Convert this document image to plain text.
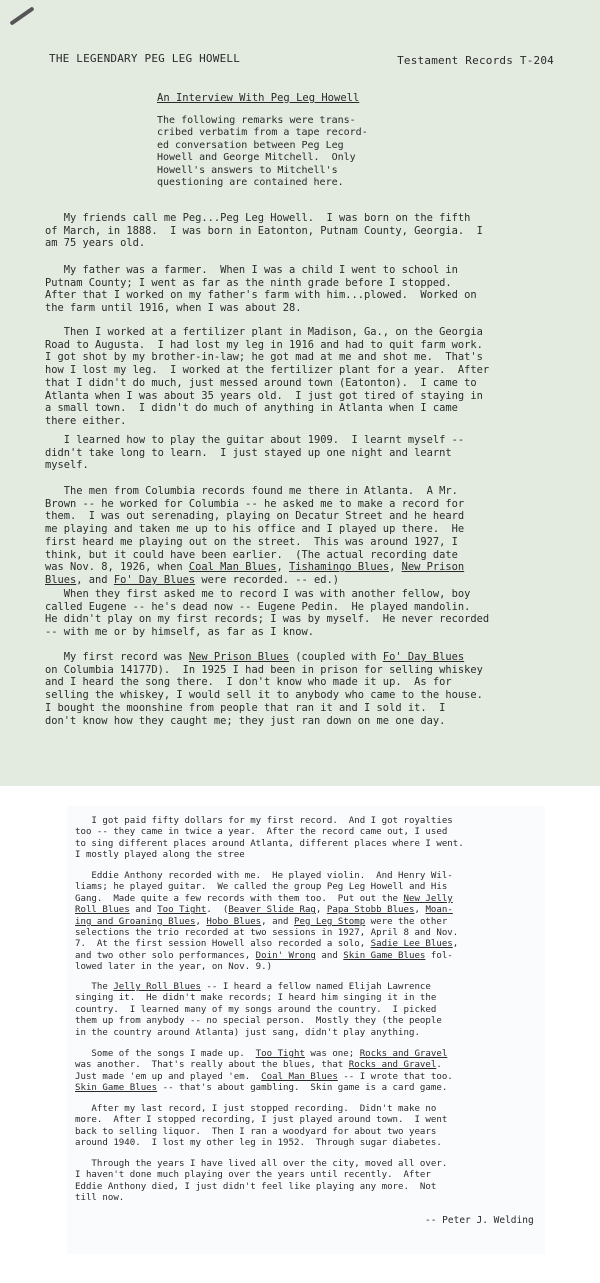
THE LEGENDARY PEG LEG HOWELL	Testament Records T-204
An Interview With Peg Leg Howell
The following remarks were trans-
cribed verbatim from a tape record-
ed conversation between Peg Leg
Howell and George Mitchell.  Only
Howell's answers to Mitchell's
questioning are contained here.

My friends call me Peg...Peg Leg Howell.  I was born on the fifth
of March, in 1888.  I was born in Eatonton, Putnam County, Georgia.  I
am 75 years old.

My father was a farmer.  When I was a child I went to school in
Putnam County; I went as far as the ninth grade before I stopped.
After that I worked on my father's farm with him...plowed.  Worked on
the farm until 1916, when I was about 28.

Then I worked at a fertilizer plant in Madison, Ga., on the Georgia
Road to Augusta.  I had lost my leg in 1916 and had to quit farm work.
I got shot by my brother-in-law; he got mad at me and shot me.  That's
how I lost my leg.  I worked at the fertilizer plant for a year.  After
that I didn't do much, just messed around town (Eatonton).  I came to
Atlanta when I was about 35 years old.  I just got tired of staying in
a small town.  I didn't do much of anything in Atlanta when I came
there either.

I learned how to play the guitar about 1909.  I learnt myself --
didn't take long to learn.  I just stayed up one night and learnt
myself.

The men from Columbia records found me there in Atlanta.  A Mr.
Brown -- he worked for Columbia -- he asked me to make a record for
them.  I was out serenading, playing on Decatur Street and he heard
me playing and taken me up to his office and I played up there.  He
first heard me playing out on the street.  This was around 1927, I
think, but it could have been earlier.  (The actual recording date
was Nov. 8, 1926, when Coal Man Blues, Tishamingo Blues, New Prison
Blues, and Fo' Day Blues were recorded. -- ed.)

When they first asked me to record I was with another fellow, boy
called Eugene -- he's dead now -- Eugene Pedin.  He played mandolin.
He didn't play on my first records; I was by myself.  He never recorded
-- with me or by himself, as far as I know.

My first record was New Prison Blues (coupled with Fo' Day Blues
on Columbia 14177D).  In 1925 I had been in prison for selling whiskey
and I heard the song there.  I don't know who made it up.  As for
selling the whiskey, I would sell it to anybody who came to the house.
I bought the moonshine from people that ran it and I sold it.  I
don't know how they caught me; they just ran down on me one day.

I got paid fifty dollars for my first record.  And I got royalties
too -- they came in twice a year.  After the record came out, I used
to sing different places around Atlanta, different places where I went.
I mostly played along the stree

Eddie Anthony recorded with me.  He played violin.  And Henry Wil-
liams; he played guitar.  We called the group Peg Leg Howell and His
Gang.  Made quite a few records with them too.  Put out the New Jelly
Roll Blues and Too Tight.  (Beaver Slide Rag, Papa Stobb Blues, Moan-
ing and Groaning Blues, Hobo Blues, and Peg Leg Stomp were the other
selections the trio recorded at two sessions in 1927, April 8 and Nov.
7.  At the first session Howell also recorded a solo, Sadie Lee Blues,
and two other solo performances, Doin' Wrong and Skin Game Blues fol-
lowed later in the year, on Nov. 9.)

The Jelly Roll Blues -- I heard a fellow named Elijah Lawrence
singing it.  He didn't make records; I heard him singing it in the
country.  I learned many of my songs around the country.  I picked
them up from anybody -- no special person.  Mostly they (the people
in the country around Atlanta) just sang, didn't play anything.

Some of the songs I made up.  Too Tight was one; Rocks and Gravel
was another.  That's really about the blues, that Rocks and Gravel.
Just made 'em up and played 'em.  Coal Man Blues -- I wrote that too.
Skin Game Blues -- that's about gambling.  Skin game is a card game.

After my last record, I just stopped recording.  Didn't make no
more.  After I stopped recording, I just played around town.  I went
back to selling liquor.  Then I ran a woodyard for about two years
around 1940.  I lost my other leg in 1952.  Through sugar diabetes.

Through the years I have lived all over the city, moved all over.
I haven't done much playing over the years until recently.  After
Eddie Anthony died, I just didn't feel like playing any more.  Not
till now.

-- Peter J. Welding
